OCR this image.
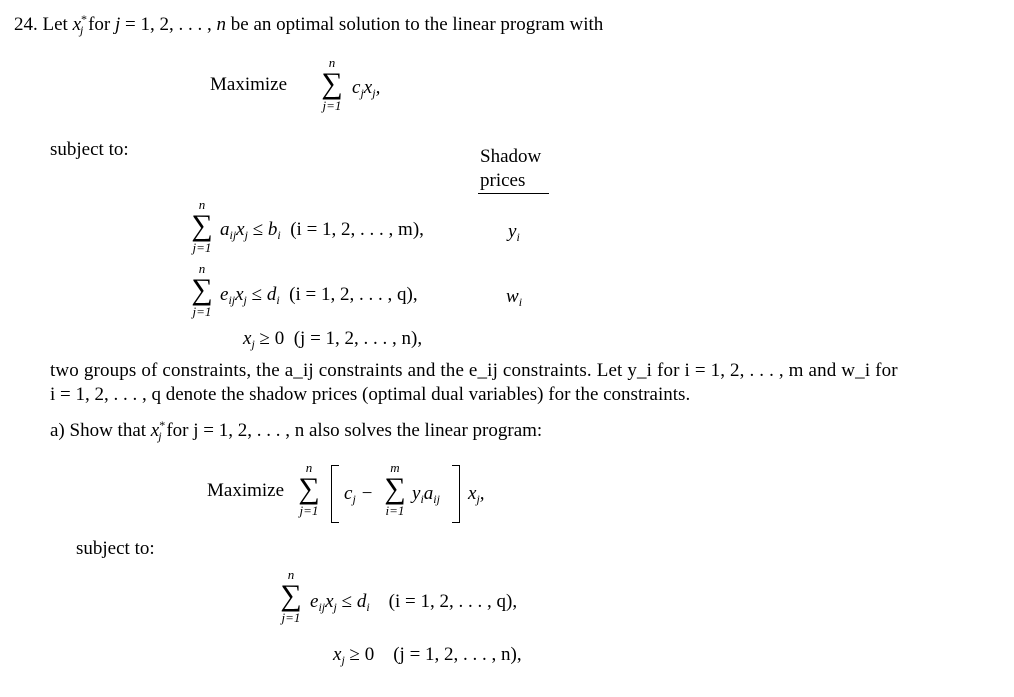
24. Let $x^*_j$ for j = 1, 2, . . . , n be an optimal solution to the linear program with
Maximize
n
∑
j=1
$c_jx_j$,
subject to:	Shadow
prices
n
∑
j=1
$a_{ij}x_j \le b_i$ (i = 1, 2, . . . , m),	$y_i$
n
∑
j=1
$e_{ij}x_j \le d_i$ (i = 1, 2, . . . , q),	$w_i$
$x_j \ge 0$  (j = 1, 2, . . . , n),
two groups of constraints, the a_ij constraints and the e_ij constraints. Let y_i for i = 1, 2, . . . , m and w_i for
i = 1, 2, . . . , q denote the shadow prices (optimal dual variables) for the constraints.
a) Show that $x^*_j$ for j = 1, 2, . . . , n also solves the linear program:
Maximize
n
∑
j=1
$c_j$ −
m
∑
i=1
$y_ia_{ij}$ $x_j$,
subject to:
n
∑
j=1
$e_{ij}x_j \le d_i$ (i = 1, 2, . . . , q),
$x_j \ge 0$    (j = 1, 2, . . . , n),
